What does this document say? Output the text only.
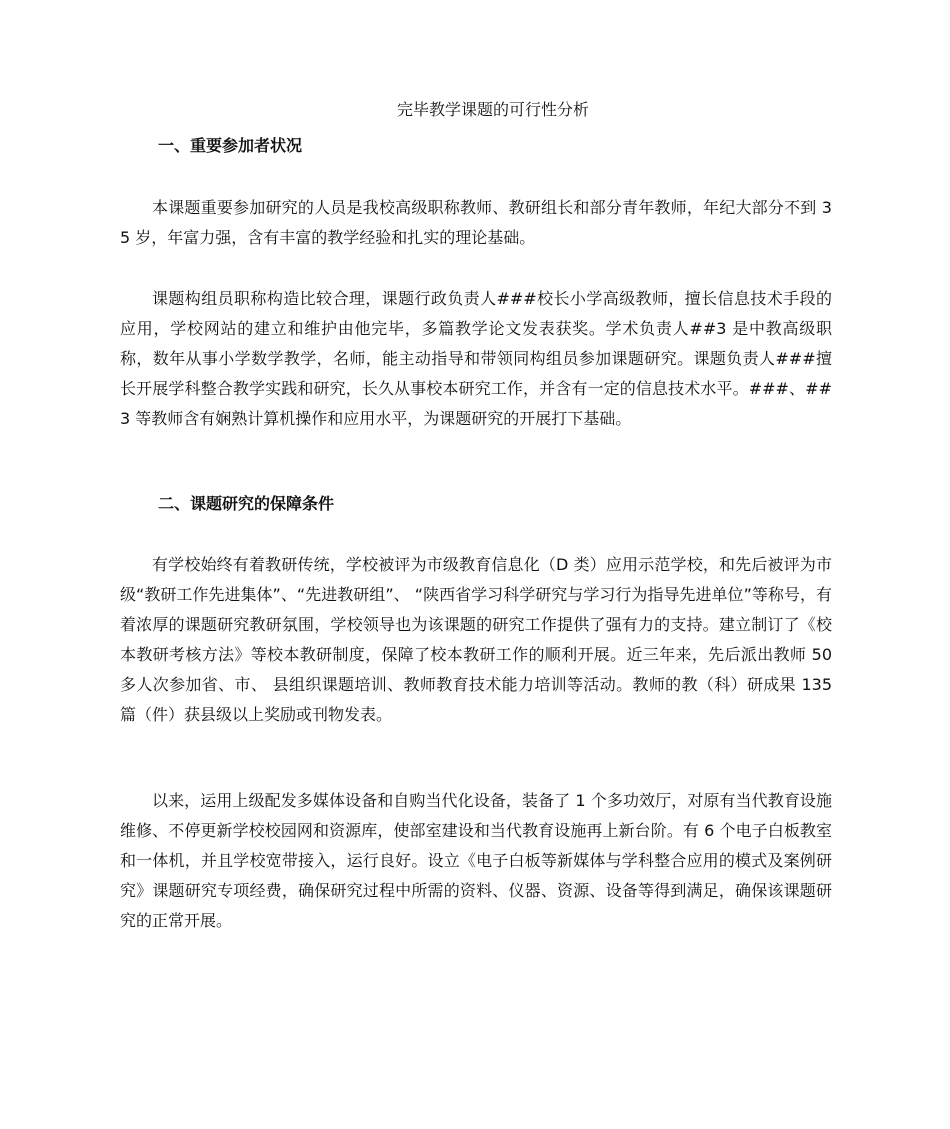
完毕教学课题的可行性分析
一、重要参加者状况

本课题重要参加研究的人员是我校高级职称教师、教研组长和部分青年教师，年纪大部分不到 35 岁，年富力强，含有丰富的教学经验和扎实的理论基础。

课题构组员职称构造比较合理，课题行政负责人###校长小学高级教师，擅长信息技术手段的应用，学校网站的建立和维护由他完毕，多篇教学论文发表获奖。学术负责人##3 是中教高级职称，数年从事小学数学教学，名师，能主动指导和带领同构组员参加课题研究。课题负责人###擅长开展学科整合教学实践和研究，长久从事校本研究工作，并含有一定的信息技术水平。###、##3 等教师含有娴熟计算机操作和应用水平，为课题研究的开展打下基础。

二、课题研究的保障条件

有学校始终有着教研传统，学校被评为市级教育信息化（D 类）应用示范学校，和先后被评为市级“教研工作先进集体”、“先进教研组”、 “陕西省学习科学研究与学习行为指导先进单位”等称号，有着浓厚的课题研究教研氛围，学校领导也为该课题的研究工作提供了强有力的支持。建立制订了《校本教研考核方法》等校本教研制度，保障了校本教研工作的顺利开展。近三年来，先后派出教师 50 多人次参加省、市、 县组织课题培训、教师教育技术能力培训等活动。教师的教（科）研成果 135 篇（件）获县级以上奖励或刊物发表。

以来，运用上级配发多媒体设备和自购当代化设备，装备了 1 个多功效厅，对原有当代教育设施维修、不停更新学校校园网和资源库，使部室建设和当代教育设施再上新台阶。有 6 个电子白板教室和一体机，并且学校宽带接入，运行良好。设立《电子白板等新媒体与学科整合应用的模式及案例研究》课题研究专项经费，确保研究过程中所需的资料、仪器、资源、设备等得到满足，确保该课题研究的正常开展。
